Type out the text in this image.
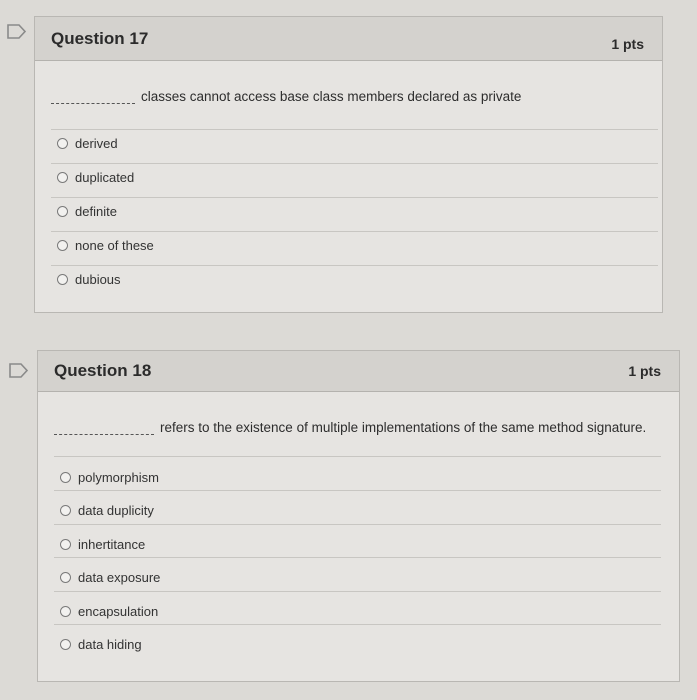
Question 17	1 pts
classes cannot access base class members declared as private
derived
duplicated
definite
none of these
dubious
Question 18	1 pts
refers to the existence of multiple implementations of the same method signature.
polymorphism
data duplicity
inhertitance
data exposure
encapsulation
data hiding
